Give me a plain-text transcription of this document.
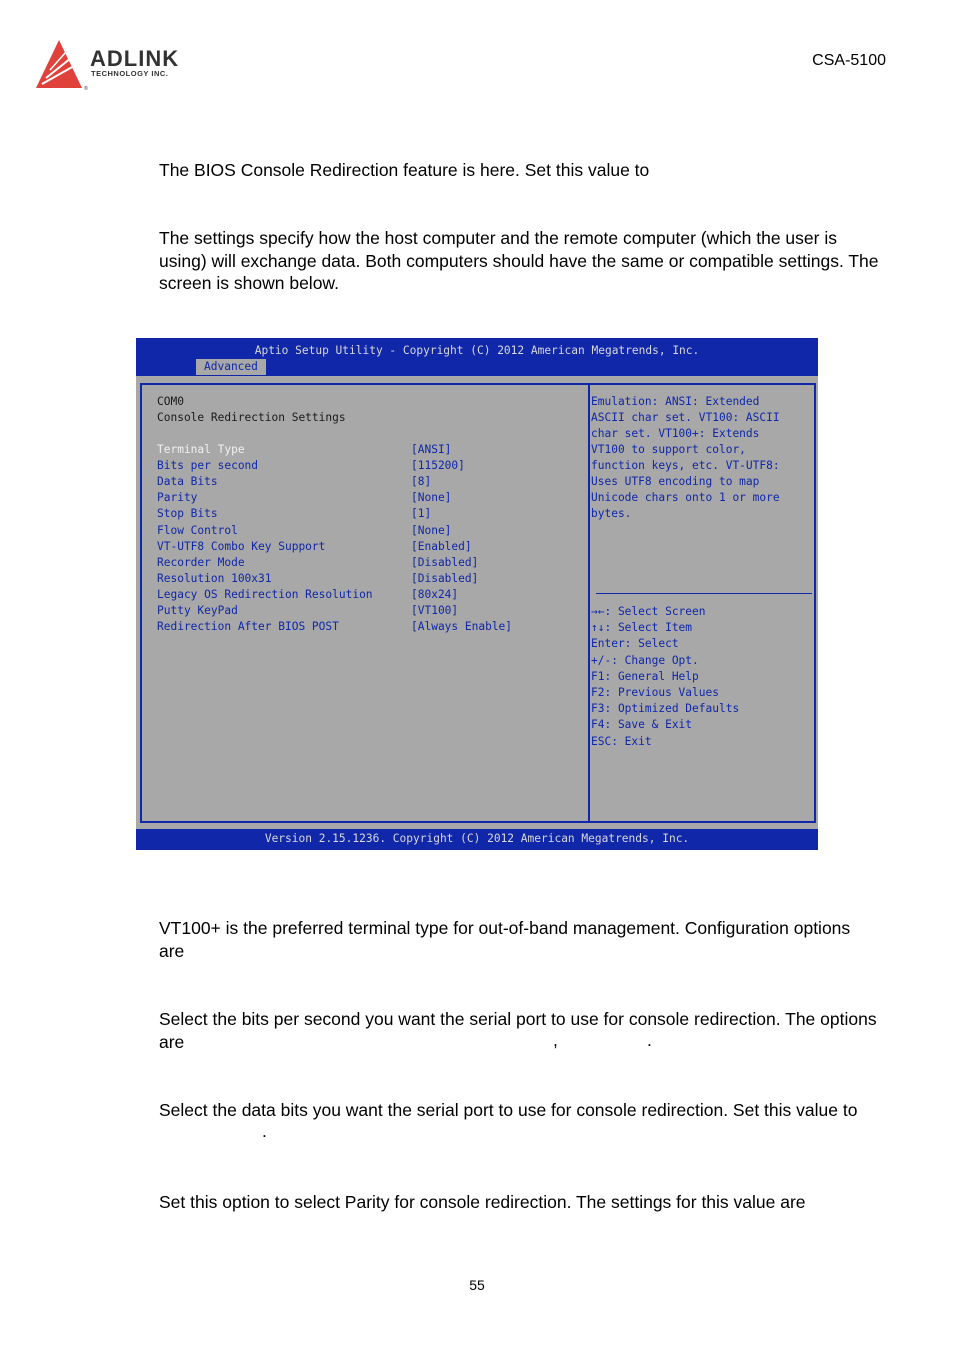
®
ADLINK
TECHNOLOGY INC.
CSA-5100
The BIOS Console Redirection feature is here. Set this value to
The settings specify how the host computer and the remote computer (which the user is using) will exchange data. Both computers should have the same or compatible settings. The screen is shown below.
Aptio Setup Utility - Copyright (C) 2012 American Megatrends, Inc.
Advanced
COM0
Console Redirection Settings
Terminal Type	[ANSI]
Bits per second	[115200]
Data Bits	[8]
Parity	[None]
Stop Bits	[1]
Flow Control	[None]
VT-UTF8 Combo Key Support	[Enabled]
Recorder Mode	[Disabled]
Resolution 100x31	[Disabled]
Legacy OS Redirection Resolution	[80x24]
Putty KeyPad	[VT100]
Redirection After BIOS POST	[Always Enable]
Emulation: ANSI: Extended
ASCII char set. VT100: ASCII
char set. VT100+: Extends
VT100 to support color,
function keys, etc. VT-UTF8:
Uses UTF8 encoding to map
Unicode chars onto 1 or more
bytes.
→←: Select Screen
↑↓: Select Item
Enter: Select
+/-: Change Opt.
F1: General Help
F2: Previous Values
F3: Optimized Defaults
F4: Save & Exit
ESC: Exit
Version 2.15.1236. Copyright (C) 2012 American Megatrends, Inc.
VT100+ is the preferred terminal type for out-of-band management. Configuration options are
Select the bits per second you want the serial port to use for console redirection. The options are	,	.
Select the data bits you want the serial port to use for console redirection. Set this value to
.
Set this option to select Parity for console redirection. The settings for this value are
55
